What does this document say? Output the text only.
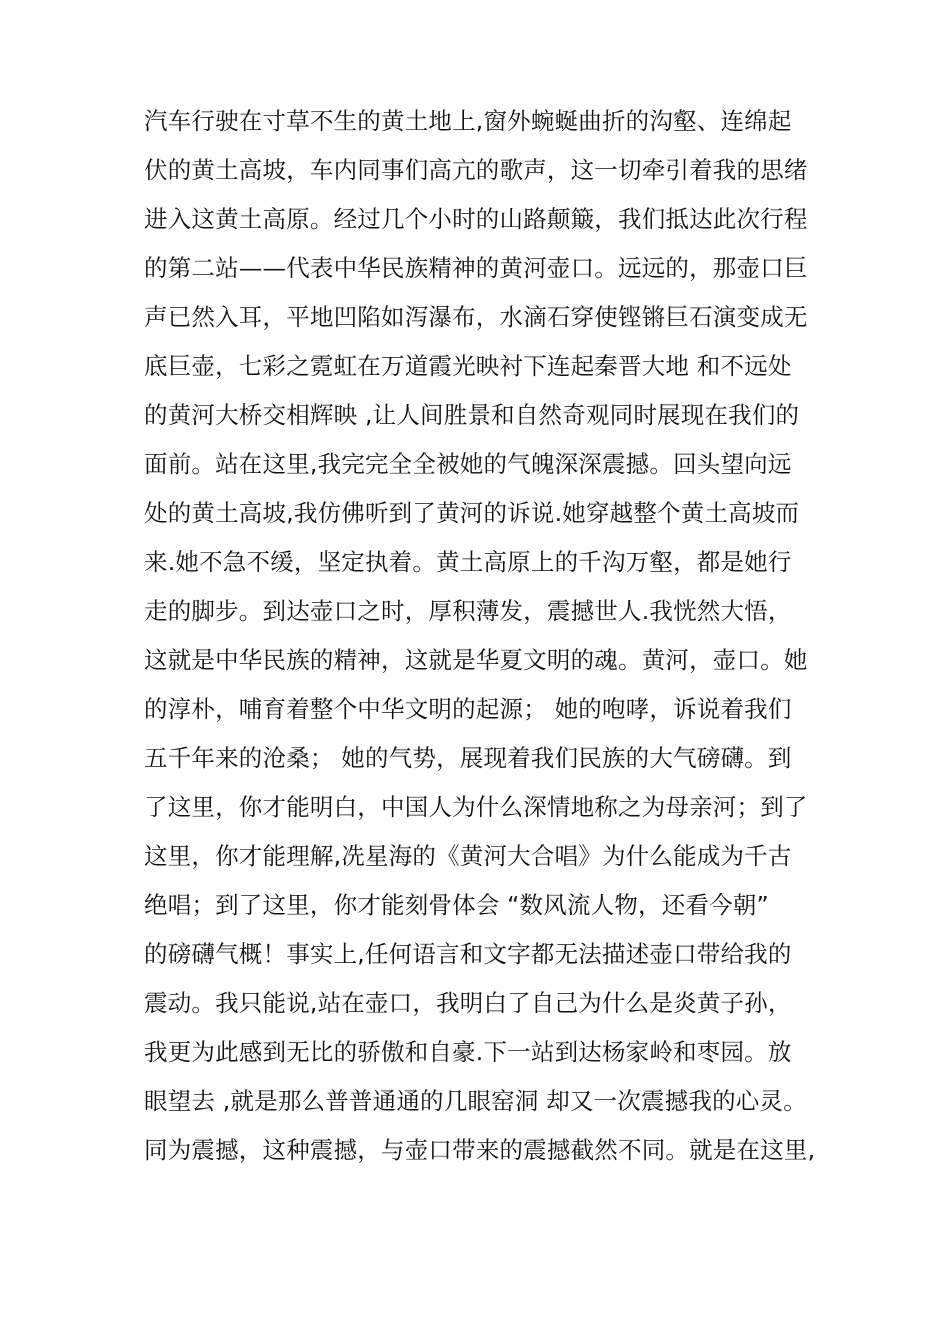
汽车行驶在寸草不生的黄土地上,窗外蜿蜒曲折的沟壑、连绵起
伏的黄土高坡，车内同事们高亢的歌声，这一切牵引着我的思绪
进入这黄土高原。经过几个小时的山路颠簸，我们抵达此次行程
的第二站——代表中华民族精神的黄河壶口。远远的，那壶口巨
声已然入耳，平地凹陷如泻瀑布，水滴石穿使铿锵巨石演变成无
底巨壶，七彩之霓虹在万道霞光映衬下连起秦晋大地 和不远处
的黄河大桥交相辉映 ,让人间胜景和自然奇观同时展现在我们的
面前。站在这里,我完完全全被她的气魄深深震撼。回头望向远
处的黄土高坡,我仿佛听到了黄河的诉说.她穿越整个黄土高坡而
来.她不急不缓，坚定执着。黄土高原上的千沟万壑，都是她行
走的脚步。到达壶口之时，厚积薄发，震撼世人.我恍然大悟，
这就是中华民族的精神，这就是华夏文明的魂。黄河，壶口。她
的淳朴，哺育着整个中华文明的起源； 她的咆哮，诉说着我们
五千年来的沧桑； 她的气势，展现着我们民族的大气磅礴。到
了这里，你才能明白，中国人为什么深情地称之为母亲河；到了
这里，你才能理解,冼星海的《黄河大合唱》为什么能成为千古
绝唱；到了这里，你才能刻骨体会 “数风流人物，还看今朝”
的磅礴气概！事实上,任何语言和文字都无法描述壶口带给我的
震动。我只能说,站在壶口，我明白了自己为什么是炎黄子孙，
我更为此感到无比的骄傲和自豪.下一站到达杨家岭和枣园。放
眼望去 ,就是那么普普通通的几眼窑洞 却又一次震撼我的心灵。
同为震撼，这种震撼，与壶口带来的震撼截然不同。就是在这里,
